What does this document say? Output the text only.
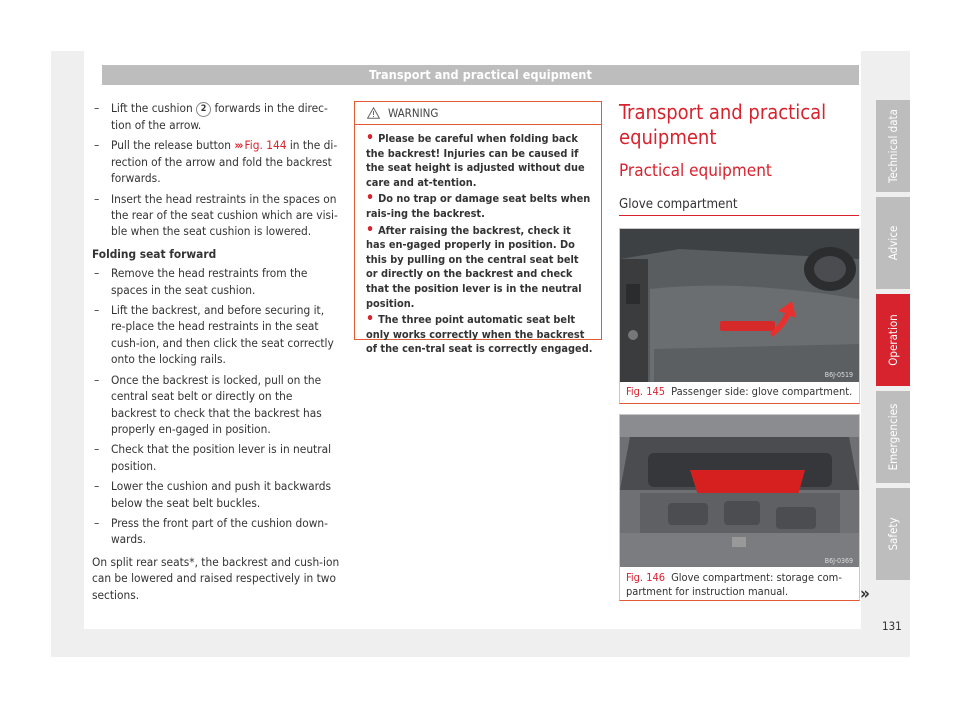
Transport and practical equipment
– Lift the cushion 2 forwards in the direc-tion of the arrow.
– Pull the release button ››› Fig. 144 in the di-rection of the arrow and fold the backrest forwards.
– Insert the head restraints in the spaces on the rear of the seat cushion which are visi-ble when the seat cushion is lowered.
Folding seat forward
– Remove the head restraints from the spaces in the seat cushion.
– Lift the backrest, and before securing it, re-place the head restraints in the seat cush-ion, and then click the seat correctly onto the locking rails.
– Once the backrest is locked, pull on the central seat belt or directly on the backrest to check that the backrest has properly en-gaged in position.
– Check that the position lever is in neutral position.
– Lower the cushion and push it backwards below the seat belt buckles.
– Press the front part of the cushion down-wards.

On split rear seats*, the backrest and cush-ion can be lowered and raised respectively in two sections.

WARNING
• Please be careful when folding back the backrest! Injuries can be caused if the seat height is adjusted without due care and at-tention.
• Do no trap or damage seat belts when rais-ing the backrest.
• After raising the backrest, check it has en-gaged properly in position. Do this by pulling on the central seat belt or directly on the backrest and check that the position lever is in the neutral position.
• The three point automatic seat belt only works correctly when the backrest of the cen-tral seat is correctly engaged.
Transport and practical equipment
Practical equipment
Glove compartment
B6J-0519
Fig. 145 Passenger side: glove compartment.
B6J-0369
Fig. 146 Glove compartment: storage com-partment for instruction manual.	»
Technical data
Advice
Operation
Emergencies
Safety
131
